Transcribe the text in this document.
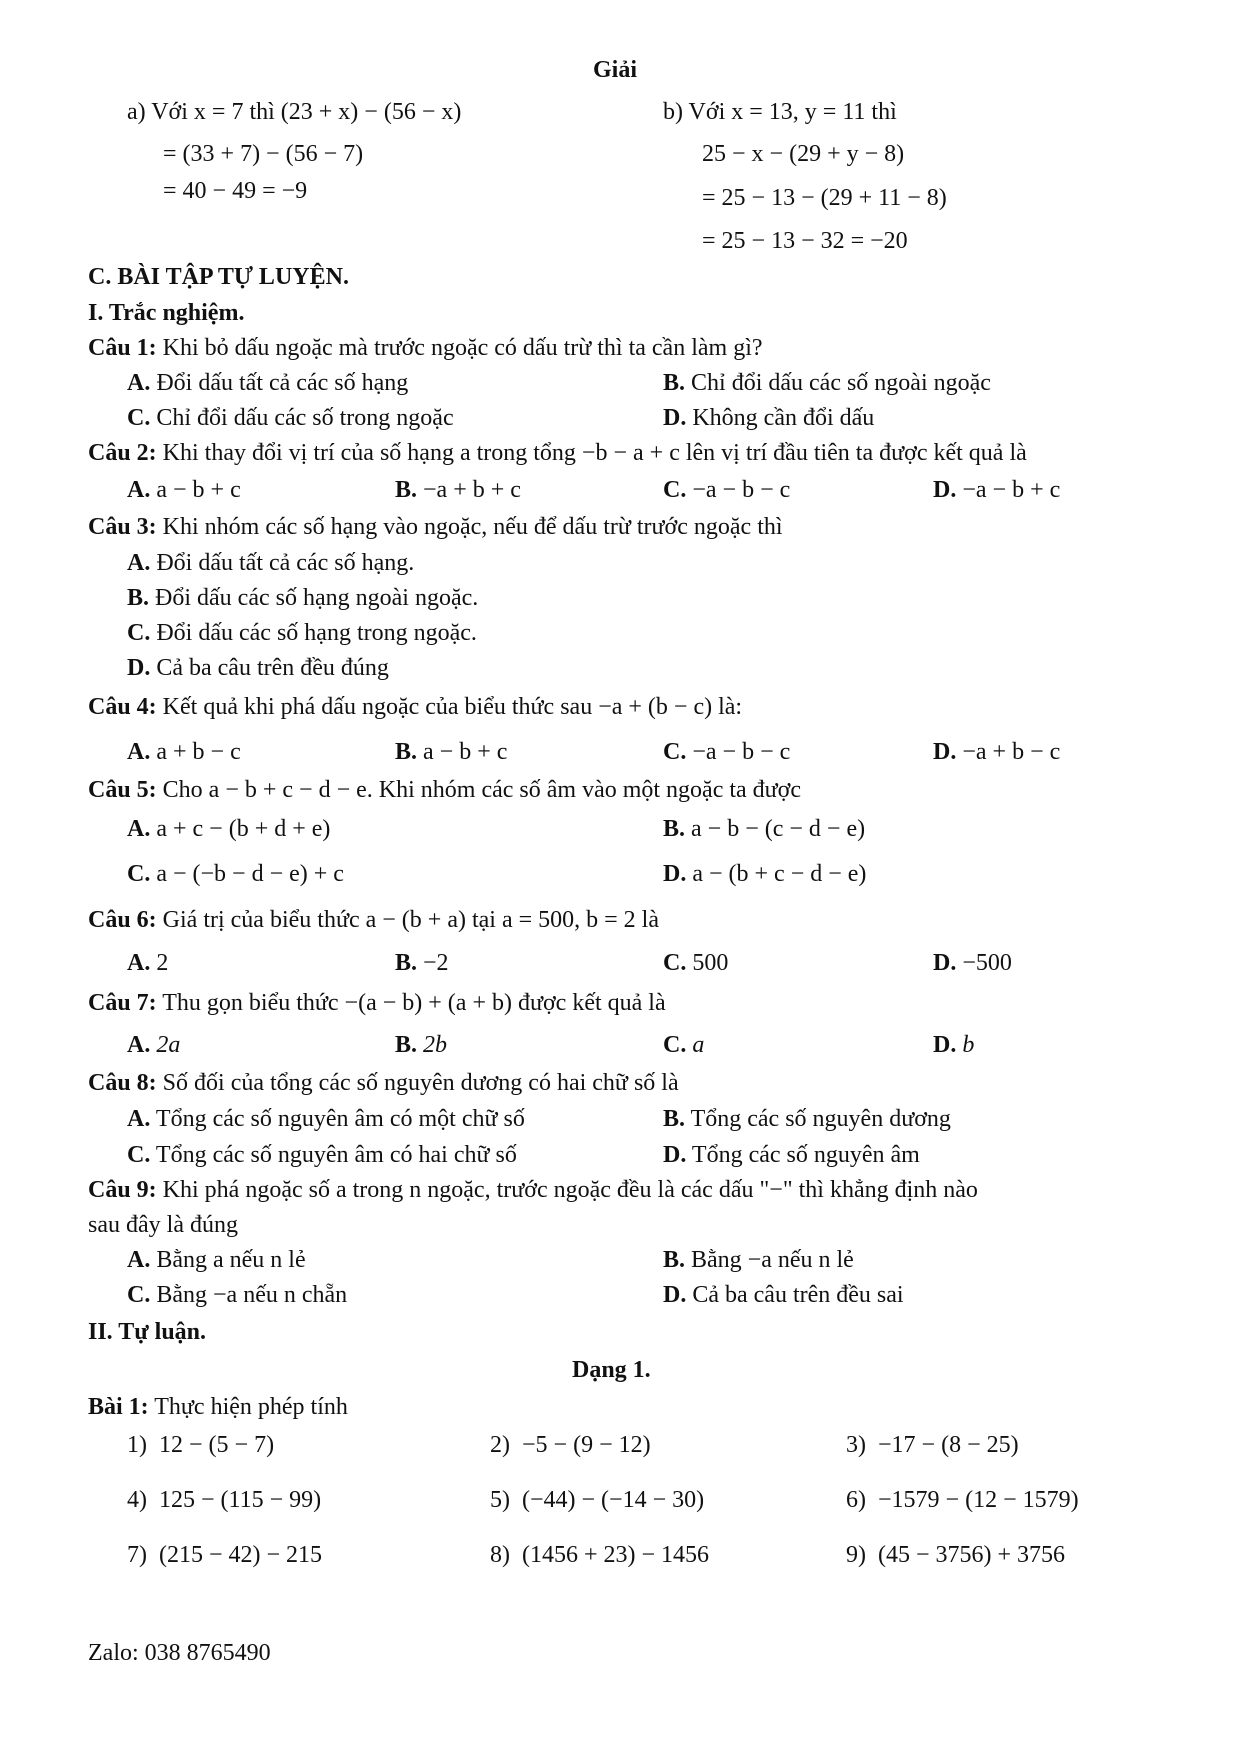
Giải
a) Với x = 7 thì (23 + x) − (56 − x)
= (33 + 7) − (56 − 7)
= 40 − 49 = −9
b) Với x = 13, y = 11 thì
25 − x − (29 + y − 8)
= 25 − 13 − (29 + 11 − 8)
= 25 − 13 − 32 = −20
C. BÀI TẬP TỰ LUYỆN.
I. Trắc nghiệm.
Câu 1: Khi bỏ dấu ngoặc mà trước ngoặc có dấu trừ thì ta cần làm gì?
A. Đổi dấu tất cả các số hạng	B. Chỉ đổi dấu các số ngoài ngoặc
C. Chỉ đổi dấu các số trong ngoặc	D. Không cần đổi dấu
Câu 2: Khi thay đổi vị trí của số hạng a trong tổng −b − a + c lên vị trí đầu tiên ta được kết quả là
A. a − b + c	B. −a + b + c	C. −a − b − c	D. −a − b + c
Câu 3: Khi nhóm các số hạng vào ngoặc, nếu để dấu trừ trước ngoặc thì
A. Đổi dấu tất cả các số hạng.
B. Đổi dấu các số hạng ngoài ngoặc.
C. Đổi dấu các số hạng trong ngoặc.
D. Cả ba câu trên đều đúng
Câu 4: Kết quả khi phá dấu ngoặc của biểu thức sau −a + (b − c) là:
A. a + b − c	B. a − b + c	C. −a − b − c	D. −a + b − c
Câu 5: Cho a − b + c − d − e. Khi nhóm các số âm vào một ngoặc ta được
A. a + c − (b + d + e)	B. a − b − (c − d − e)
C. a − (−b − d − e) + c	D. a − (b + c − d − e)
Câu 6: Giá trị của biểu thức a − (b + a) tại a = 500, b = 2 là
A. 2	B. −2	C. 500	D. −500
Câu 7: Thu gọn biểu thức −(a − b) + (a + b) được kết quả là
A. 2a	B. 2b	C. a	D. b
Câu 8: Số đối của tổng các số nguyên dương có hai chữ số là
A. Tổng các số nguyên âm có một chữ số	B. Tổng các số nguyên dương
C. Tổng các số nguyên âm có hai chữ số	D. Tổng các số nguyên âm
Câu 9: Khi phá ngoặc số a trong n ngoặc, trước ngoặc đều là các dấu "−" thì khẳng định nào
sau đây là đúng
A. Bằng a nếu n lẻ	B. Bằng −a nếu n lẻ
C. Bằng −a nếu n chẵn	D. Cả ba câu trên đều sai
II. Tự luận.
Dạng 1.
Bài 1: Thực hiện phép tính
1) 12 − (5 − 7)	2) −5 − (9 − 12)	3) −17 − (8 − 25)
4) 125 − (115 − 99)	5) (−44) − (−14 − 30)	6) −1579 − (12 − 1579)
7) (215 − 42) − 215	8) (1456 + 23) − 1456	9) (45 − 3756) + 3756
Zalo: 038 8765490
